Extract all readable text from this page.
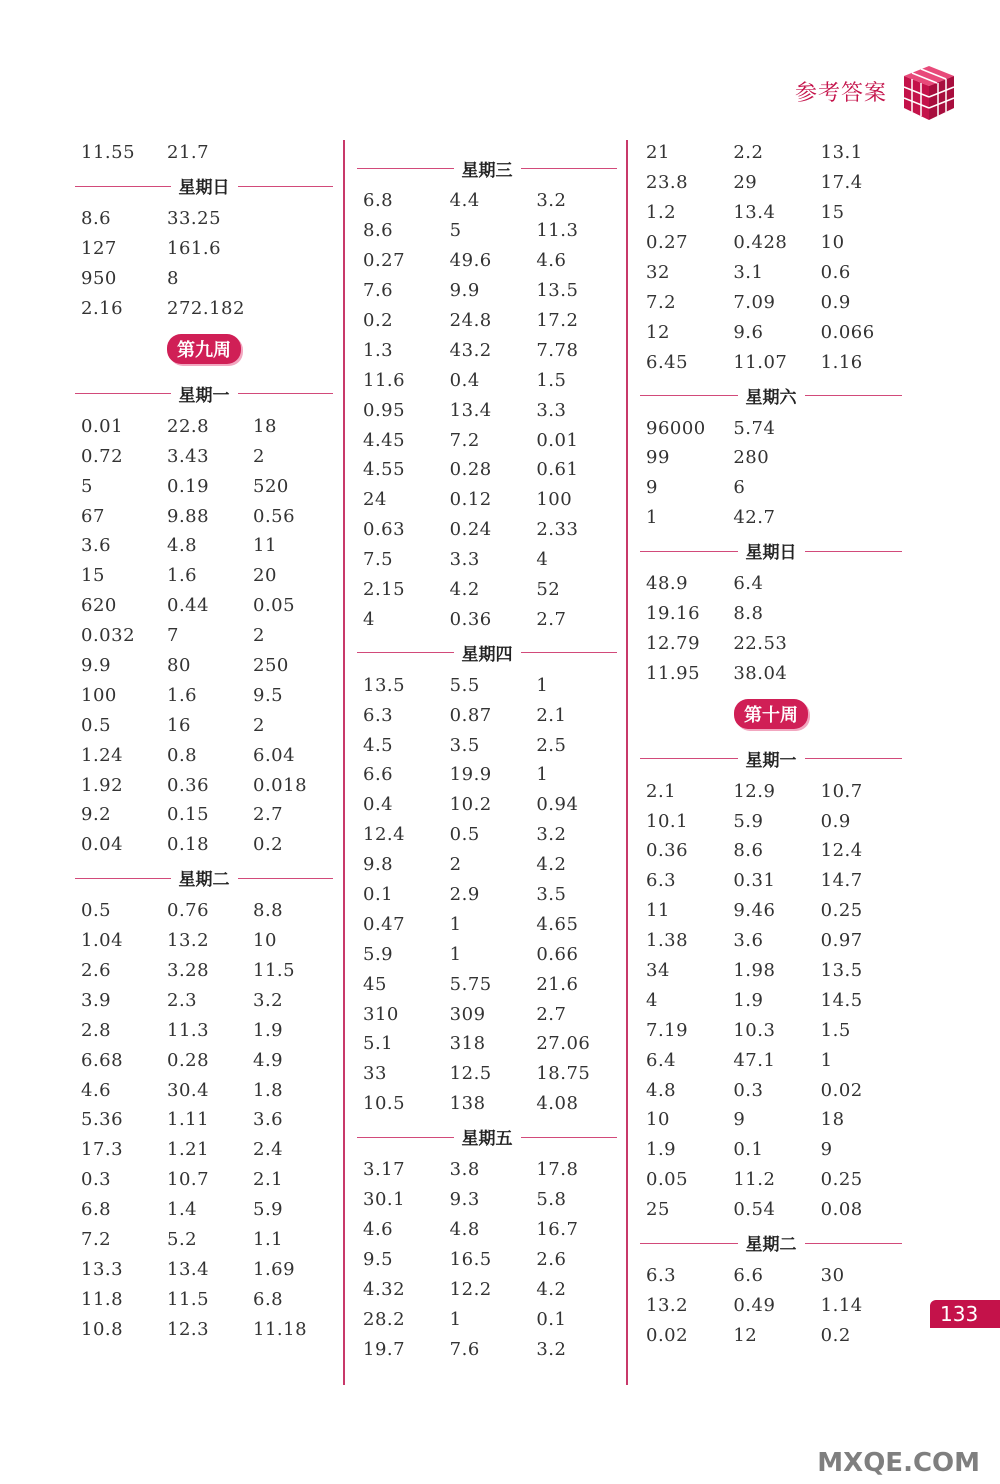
参考答案
11.55	21.7
星期日
8.6	33.25
127	161.6
950	8
2.16	272.182
第九周
星期一
0.01	22.8	18
0.72	3.43	2
5	0.19	520
67	9.88	0.56
3.6	4.8	11
15	1.6	20
620	0.44	0.05
0.032	7	2
9.9	80	250
100	1.6	9.5
0.5	16	2
1.24	0.8	6.04
1.92	0.36	0.018
9.2	0.15	2.7
0.04	0.18	0.2
星期二
0.5	0.76	8.8
1.04	13.2	10
2.6	3.28	11.5
3.9	2.3	3.2
2.8	11.3	1.9
6.68	0.28	4.9
4.6	30.4	1.8
5.36	1.11	3.6
17.3	1.21	2.4
0.3	10.7	2.1
6.8	1.4	5.9
7.2	5.2	1.1
13.3	13.4	1.69
11.8	11.5	6.8
10.8	12.3	11.18
星期三
6.8	4.4	3.2
8.6	5	11.3
0.27	49.6	4.6
7.6	9.9	13.5
0.2	24.8	17.2
1.3	43.2	7.78
11.6	0.4	1.5
0.95	13.4	3.3
4.45	7.2	0.01
4.55	0.28	0.61
24	0.12	100
0.63	0.24	2.33
7.5	3.3	4
2.15	4.2	52
4	0.36	2.7
星期四
13.5	5.5	1
6.3	0.87	2.1
4.5	3.5	2.5
6.6	19.9	1
0.4	10.2	0.94
12.4	0.5	3.2
9.8	2	4.2
0.1	2.9	3.5
0.47	1	4.65
5.9	1	0.66
45	5.75	21.6
310	309	2.7
5.1	318	27.06
33	12.5	18.75
10.5	138	4.08
星期五
3.17	3.8	17.8
30.1	9.3	5.8
4.6	4.8	16.7
9.5	16.5	2.6
4.32	12.2	4.2
28.2	1	0.1
19.7	7.6	3.2
21	2.2	13.1
23.8	29	17.4
1.2	13.4	15
0.27	0.428	10
32	3.1	0.6
7.2	7.09	0.9
12	9.6	0.066
6.45	11.07	1.16
星期六
96000	5.74
99	280
9	6
1	42.7
星期日
48.9	6.4
19.16	8.8
12.79	22.53
11.95	38.04
第十周
星期一
2.1	12.9	10.7
10.1	5.9	0.9
0.36	8.6	12.4
6.3	0.31	14.7
11	9.46	0.25
1.38	3.6	0.97
34	1.98	13.5
4	1.9	14.5
7.19	10.3	1.5
6.4	47.1	1
4.8	0.3	0.02
10	9	18
1.9	0.1	9
0.05	11.2	0.25
25	0.54	0.08
星期二
6.3	6.6	30
13.2	0.49	1.14
0.02	12	0.2
133
MXQE.COM
